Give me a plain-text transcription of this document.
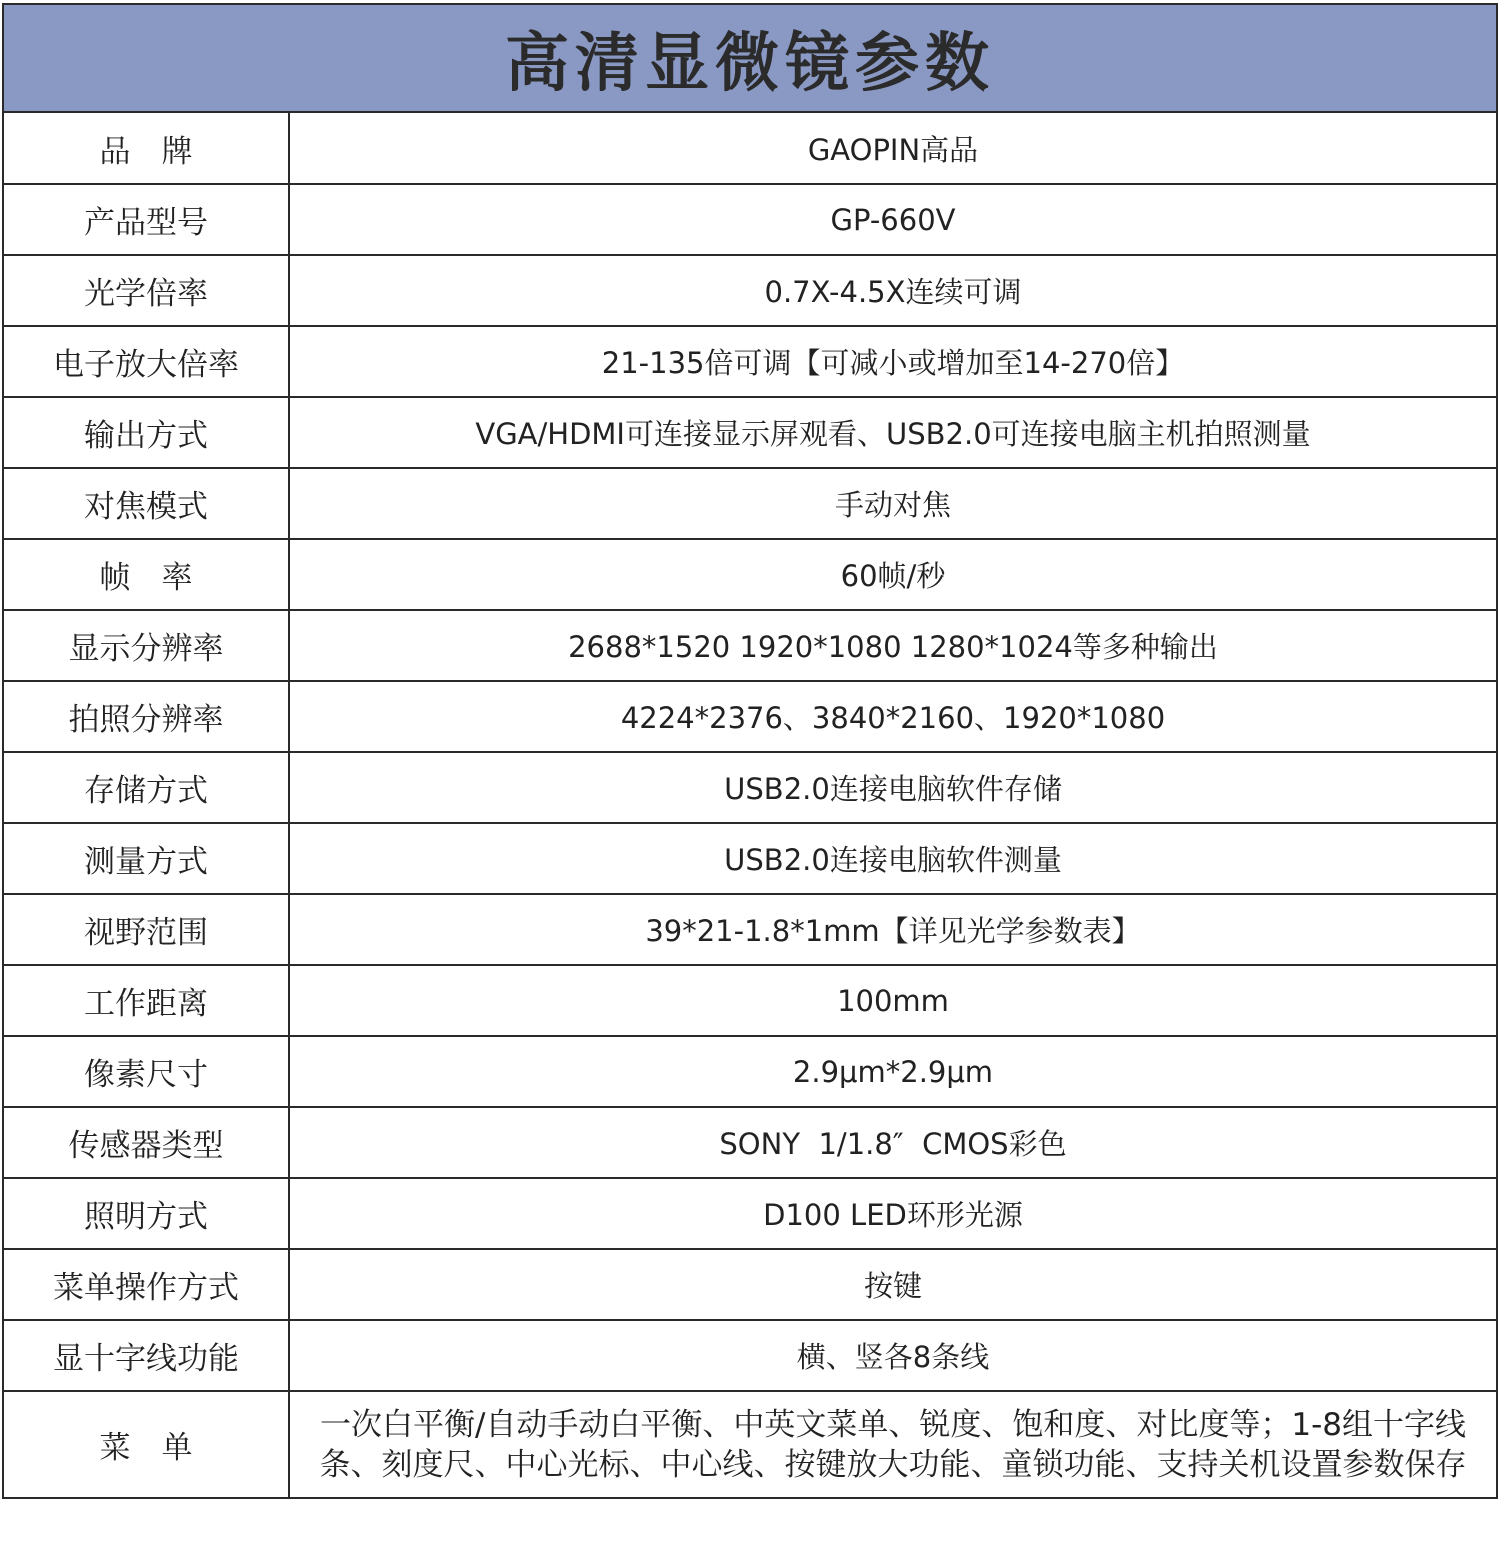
高清显微镜参数
品　牌	GAOPIN高品
产品型号	GP-660V
光学倍率	0.7X-4.5X连续可调
电子放大倍率	21-135倍可调【可减小或增加至14-270倍】
输出方式	VGA/HDMI可连接显示屏观看、USB2.0可连接电脑主机拍照测量
对焦模式	手动对焦
帧　率	60帧/秒
显示分辨率	2688*1520 1920*1080 1280*1024等多种输出
拍照分辨率	4224*2376、3840*2160、1920*1080
存储方式	USB2.0连接电脑软件存储
测量方式	USB2.0连接电脑软件测量
视野范围	39*21-1.8*1mm【详见光学参数表】
工作距离	100mm
像素尺寸	2.9μm*2.9μm
传感器类型	SONY  1/1.8″  CMOS彩色
照明方式	D100 LED环形光源
菜单操作方式	按键
显十字线功能	横、竖各8条线
菜　单	一次白平衡/自动手动白平衡、中英文菜单、锐度、饱和度、对比度等；1-8组十字线条、刻度尺、中心光标、中心线、按键放大功能、童锁功能、支持关机设置参数保存
